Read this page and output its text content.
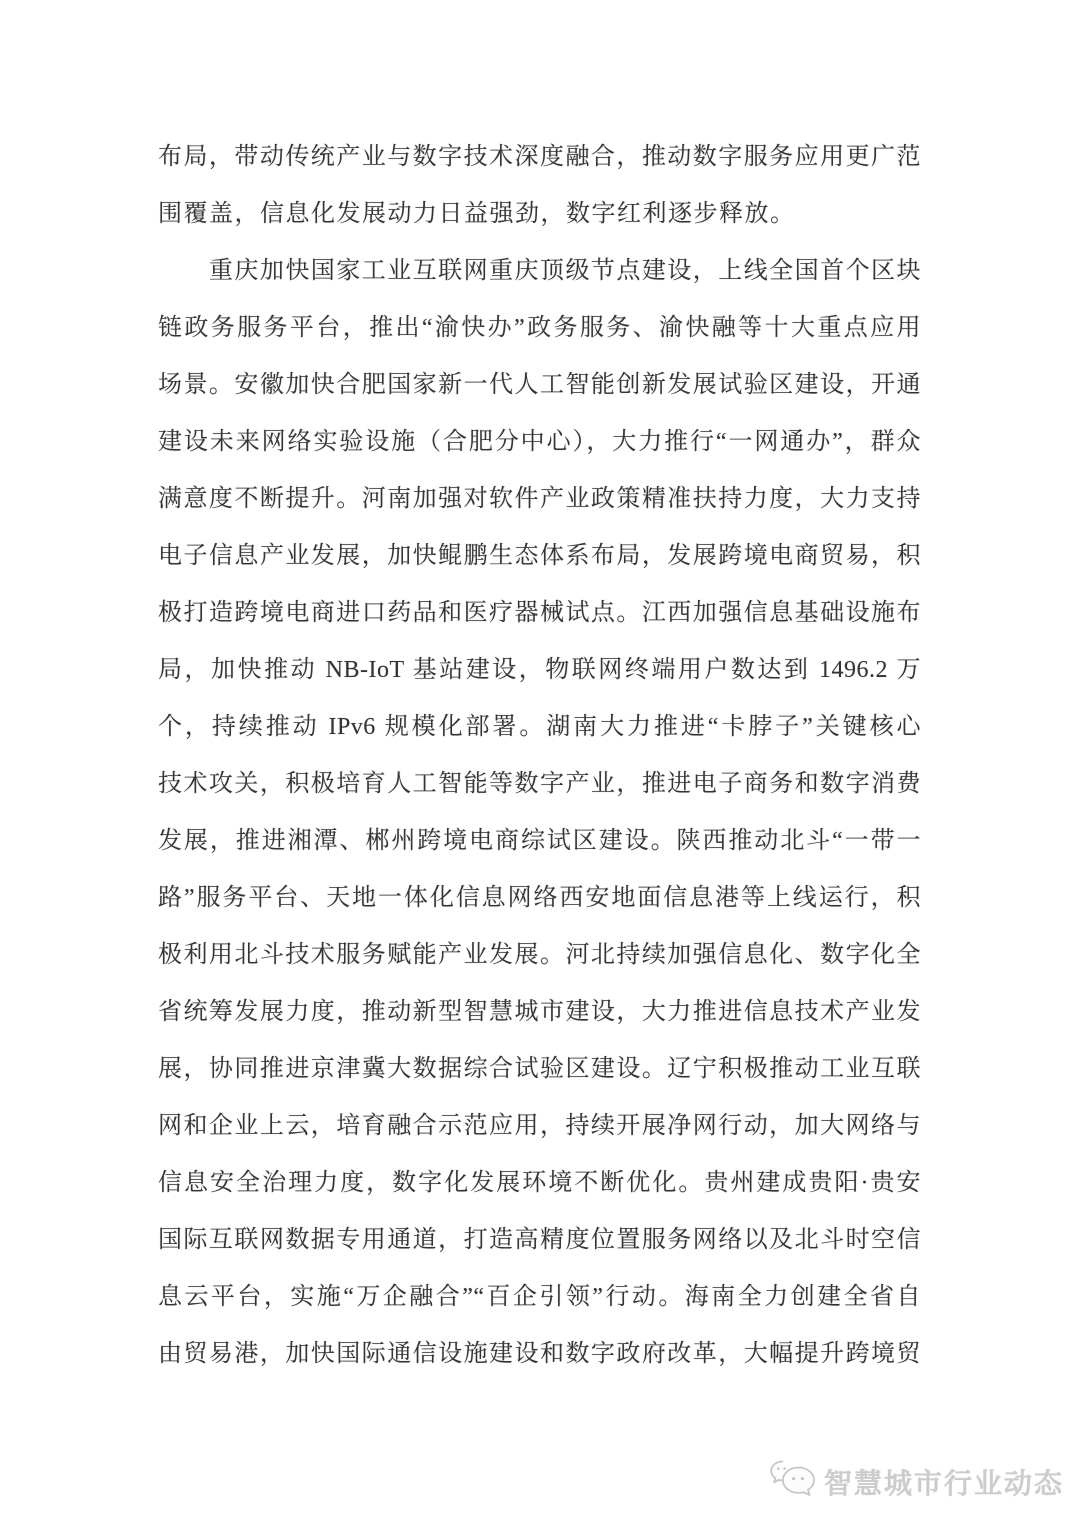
布局，带动传统产业与数字技术深度融合，推动数字服务应用更广范
围覆盖，信息化发展动力日益强劲，数字红利逐步释放。
　　重庆加快国家工业互联网重庆顶级节点建设，上线全国首个区块
链政务服务平台，推出“渝快办”政务服务、渝快融等十大重点应用
场景。安徽加快合肥国家新一代人工智能创新发展试验区建设，开通
建设未来网络实验设施（合肥分中心），大力推行“一网通办”，群众
满意度不断提升。河南加强对软件产业政策精准扶持力度，大力支持
电子信息产业发展，加快鲲鹏生态体系布局，发展跨境电商贸易，积
极打造跨境电商进口药品和医疗器械试点。江西加强信息基础设施布
局，加快推动 NB-IoT 基站建设，物联网终端用户数达到 1496.2 万
个，持续推动 IPv6 规模化部署。湖南大力推进“卡脖子”关键核心
技术攻关，积极培育人工智能等数字产业，推进电子商务和数字消费
发展，推进湘潭、郴州跨境电商综试区建设。陕西推动北斗“一带一
路”服务平台、天地一体化信息网络西安地面信息港等上线运行，积
极利用北斗技术服务赋能产业发展。河北持续加强信息化、数字化全
省统筹发展力度，推动新型智慧城市建设，大力推进信息技术产业发
展，协同推进京津冀大数据综合试验区建设。辽宁积极推动工业互联
网和企业上云，培育融合示范应用，持续开展净网行动，加大网络与
信息安全治理力度，数字化发展环境不断优化。贵州建成贵阳·贵安
国际互联网数据专用通道，打造高精度位置服务网络以及北斗时空信
息云平台，实施“万企融合”“百企引领”行动。海南全力创建全省自
由贸易港，加快国际通信设施建设和数字政府改革，大幅提升跨境贸
智慧城市行业动态
